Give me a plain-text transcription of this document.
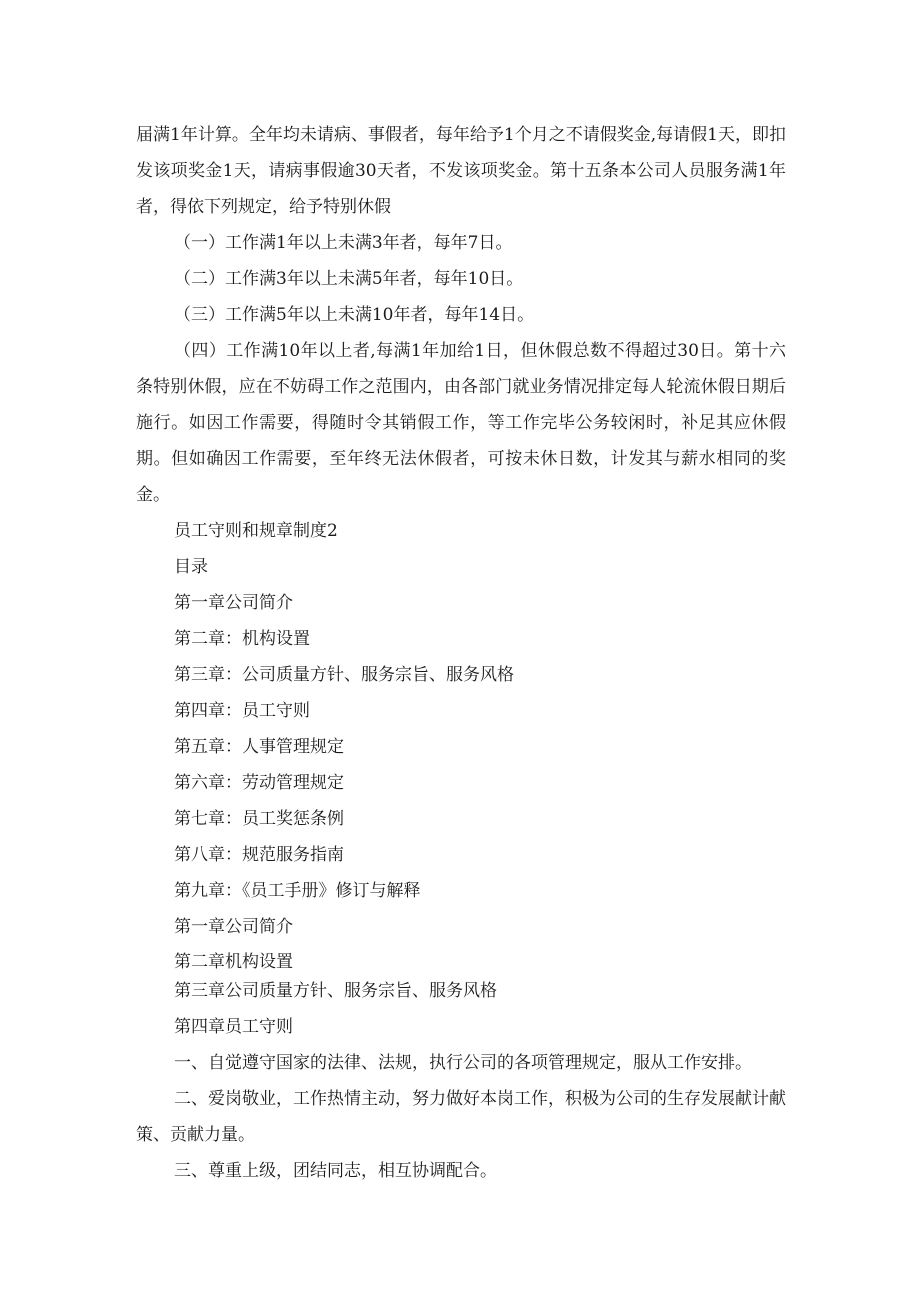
届满1年计算。全年均未请病、事假者，每年给予1个月之不请假奖金,每请假1天，即扣发该项奖金1天，请病事假逾30天者，不发该项奖金。第十五条本公司人员服务满1年者，得依下列规定，给予特别休假

（一）工作满1年以上未满3年者，每年7日。

（二）工作满3年以上未满5年者，每年10日。

（三）工作满5年以上未满10年者，每年14日。

（四）工作满10年以上者,每满1年加给1日，但休假总数不得超过30日。第十六条特别休假，应在不妨碍工作之范围内，由各部门就业务情况排定每人轮流休假日期后施行。如因工作需要，得随时令其销假工作，等工作完毕公务较闲时，补足其应休假期。但如确因工作需要，至年终无法休假者，可按未休日数，计发其与薪水相同的奖金。

员工守则和规章制度2

目录

第一章公司简介

第二章：机构设置

第三章：公司质量方针、服务宗旨、服务风格

第四章：员工守则

第五章：人事管理规定

第六章：劳动管理规定

第七章：员工奖惩条例

第八章：规范服务指南

第九章：《员工手册》修订与解释

第一章公司简介

第二章机构设置

第三章公司质量方针、服务宗旨、服务风格

第四章员工守则

一、自觉遵守国家的法律、法规，执行公司的各项管理规定，服从工作安排。

二、爱岗敬业，工作热情主动，努力做好本岗工作，积极为公司的生存发展献计献策、贡献力量。

三、尊重上级，团结同志，相互协调配合。
